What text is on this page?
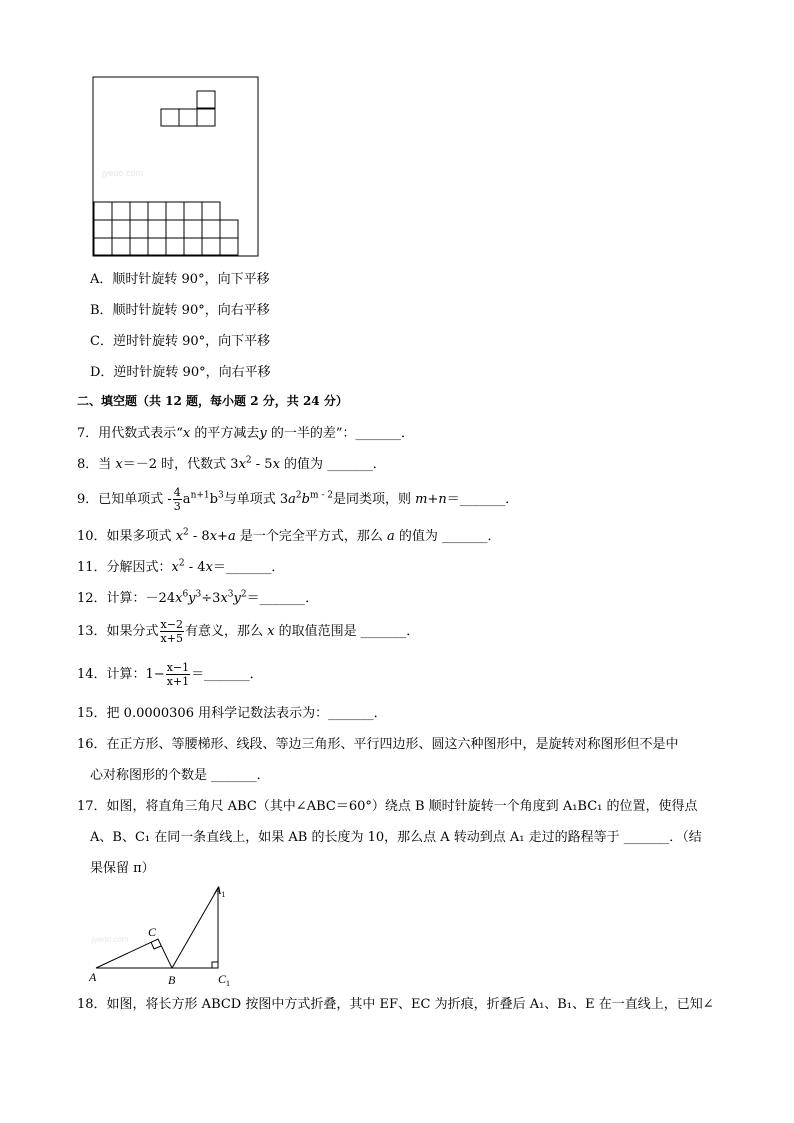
jyeoo.com
A．顺时针旋转 90°，向下平移
B．顺时针旋转 90°，向右平移
C．逆时针旋转 90°，向下平移
D．逆时针旋转 90°，向右平移
二、填空题（共 12 题，每小题 2 分，共 24 分）
7．用代数式表示“x 的平方减去y 的一半的差”：_______．
8．当 x＝－2 时，代数式 $3x^2 - 5x$ 的值为 _______．
9．已知单项式 - $\frac{4}{3} a^{n+1}b^3$与单项式 $3a^2b^{m - 2}$是同类项，则 m+n＝_______．
10．如果多项式 $x^2 - 8x+a$ 是一个完全平方式，那么 a 的值为 _______．
11．分解因式：$x^2$ - 4x＝_______．
12．计算：$-24x^6y^3\div 3x^3y^2=\_\_\_\_\_\_\_$．
13．如果分式 $\frac{x-2}{x+5}$ 有意义，那么 x 的取值范围是 _______．
14．计算：$1- \frac{x-1}{x+1}$ ＝_______．
15．把 0.0000306 用科学记数法表示为：_______．
16．在正方形、等腰梯形、线段、等边三角形、平行四边形、圆这六种图形中，是旋转对称图形但不是中
心对称图形的个数是 _______．
17．如图，将直角三角尺 ABC（其中∠ABC＝60°）绕点 B 顺时针旋转一个角度到 A₁BC₁ 的位置，使得点
A、B、C₁ 在同一条直线上，如果 AB 的长度为 10，那么点 A 转动到点 A₁ 走过的路程等于 _______．（结
果保留 π）
C
A	B
$A_1$
$C_1$
jyeoo.com
18．如图，将长方形 ABCD 按图中方式折叠，其中 EF、EC 为折痕，折叠后 A₁、B₁、E 在一直线上，已知∠
